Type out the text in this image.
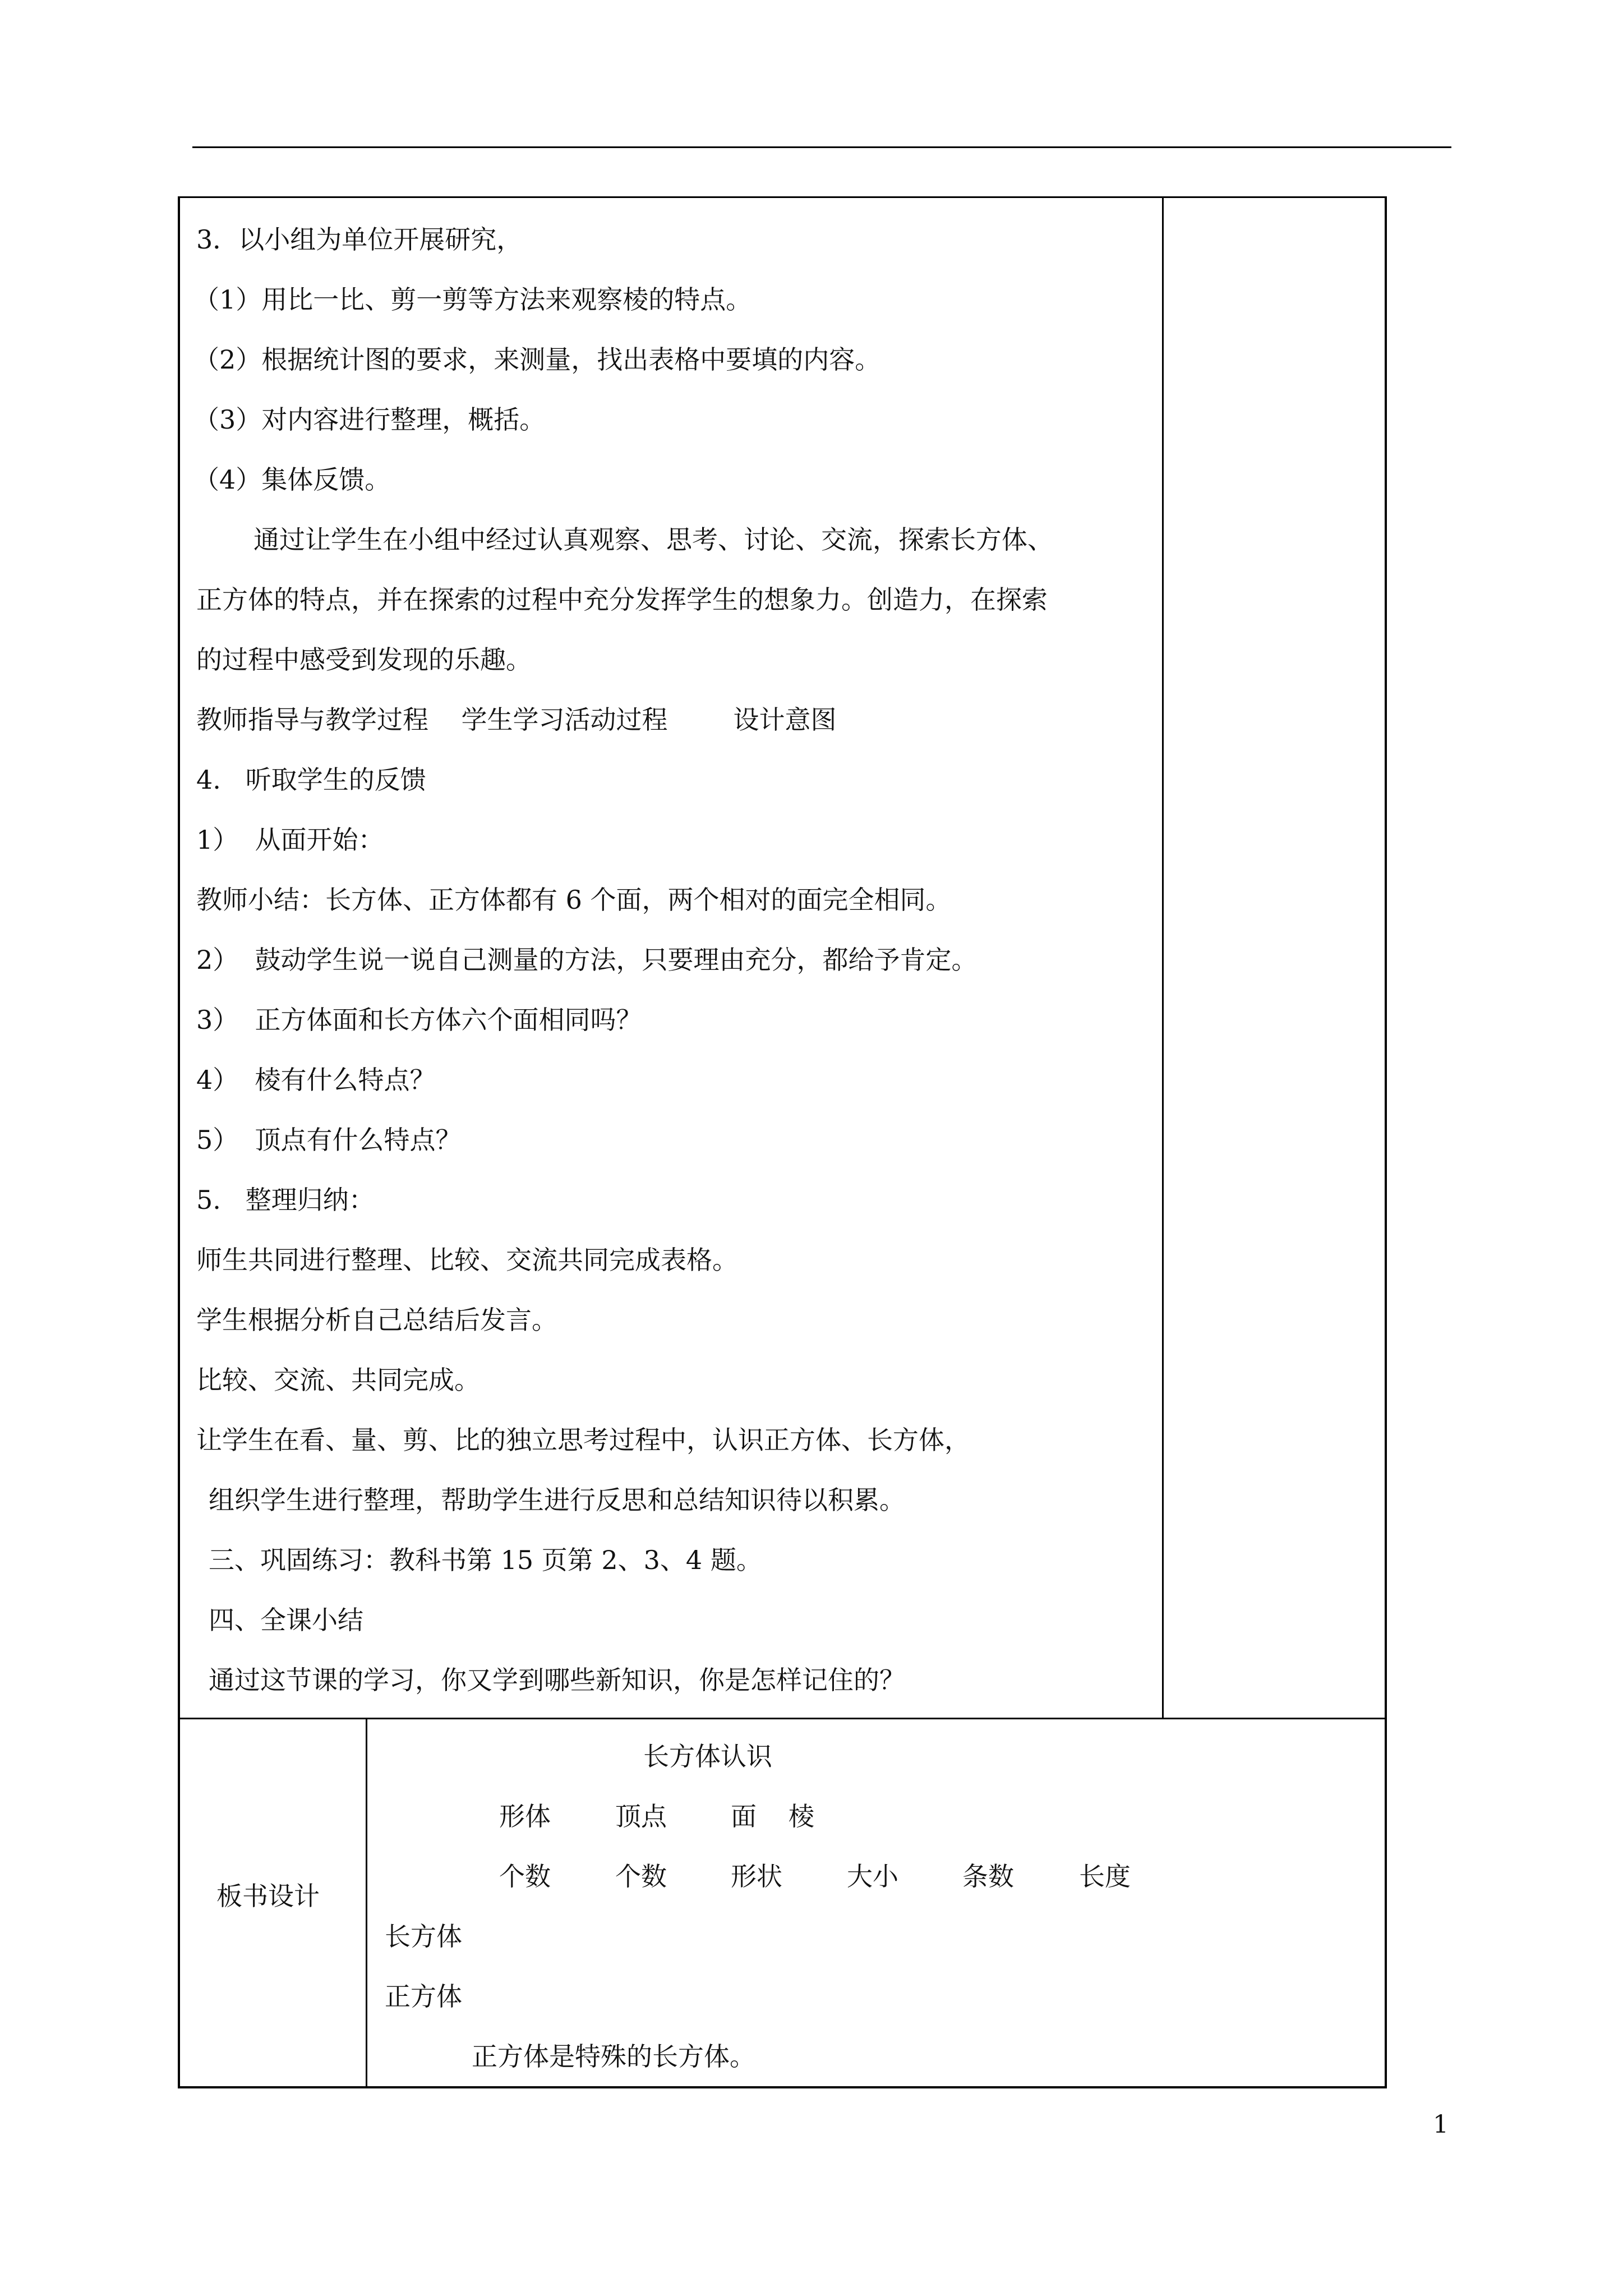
3．以小组为单位开展研究，
（1）用比一比、剪一剪等方法来观察棱的特点。
（2）根据统计图的要求，来测量，找出表格中要填的内容。
（3）对内容进行整理，概括。
（4）集体反馈。
通过让学生在小组中经过认真观察、思考、讨论、交流，探索长方体、
正方体的特点，并在探索的过程中充分发挥学生的想象力。创造力，在探索
的过程中感受到发现的乐趣。
教师指导与教学过程    学生学习活动过程        设计意图
4.   听取学生的反馈
1）  从面开始：
教师小结：长方体、正方体都有 6 个面，两个相对的面完全相同。
2）  鼓动学生说一说自己测量的方法，只要理由充分，都给予肯定。
3）  正方体面和长方体六个面相同吗？
4）  棱有什么特点？
5）  顶点有什么特点？
5.   整理归纳：
师生共同进行整理、比较、交流共同完成表格。
学生根据分析自己总结后发言。
比较、交流、共同完成。
让学生在看、量、剪、比的独立思考过程中，认识正方体、长方体，
组织学生进行整理，帮助学生进行反思和总结知识待以积累。
三、巩固练习：教科书第 15 页第 2、3、4 题。
四、全课小结
通过这节课的学习，你又学到哪些新知识，你是怎样记住的？
板书设计
长方体认识
形体	顶点 面 棱
个数	个数 形状	大小 条数	长度
长方体
正方体
正方体是特殊的长方体。
1
